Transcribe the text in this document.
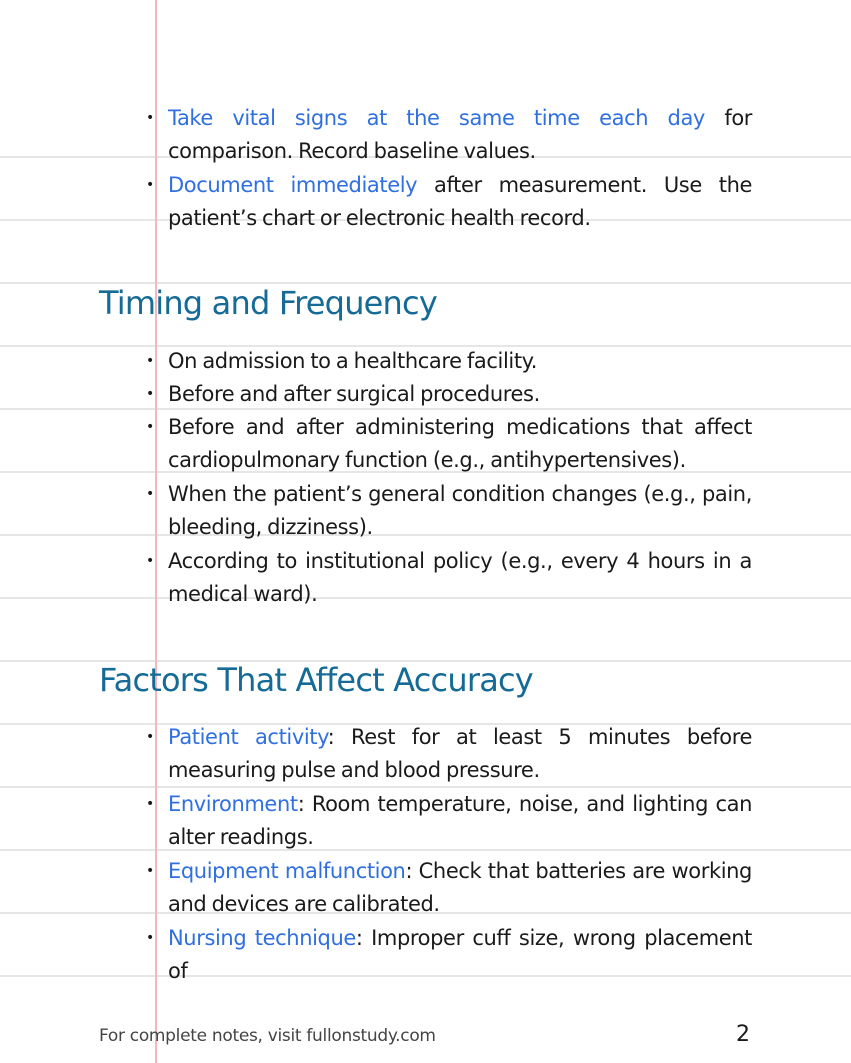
• Take vital signs at the same time each day for comparison. Record baseline values.
• Document immediately after measurement. Use the patient’s chart or electronic health record.
Timing and Frequency
• On admission to a healthcare facility.
• Before and after surgical procedures.
• Before and after administering medications that affect cardiopulmonary function (e.g., antihypertensives).
• When the patient’s general condition changes (e.g., pain, bleeding, dizziness).
• According to institutional policy (e.g., every 4 hours in a medical ward).
Factors That Affect Accuracy
• Patient activity: Rest for at least 5 minutes before measuring pulse and blood pressure.
• Environment: Room temperature, noise, and lighting can alter readings.
• Equipment malfunction: Check that batteries are working and devices are calibrated.
• Nursing technique: Improper cuff size, wrong placement of
For complete notes, visit fullonstudy.com	2
